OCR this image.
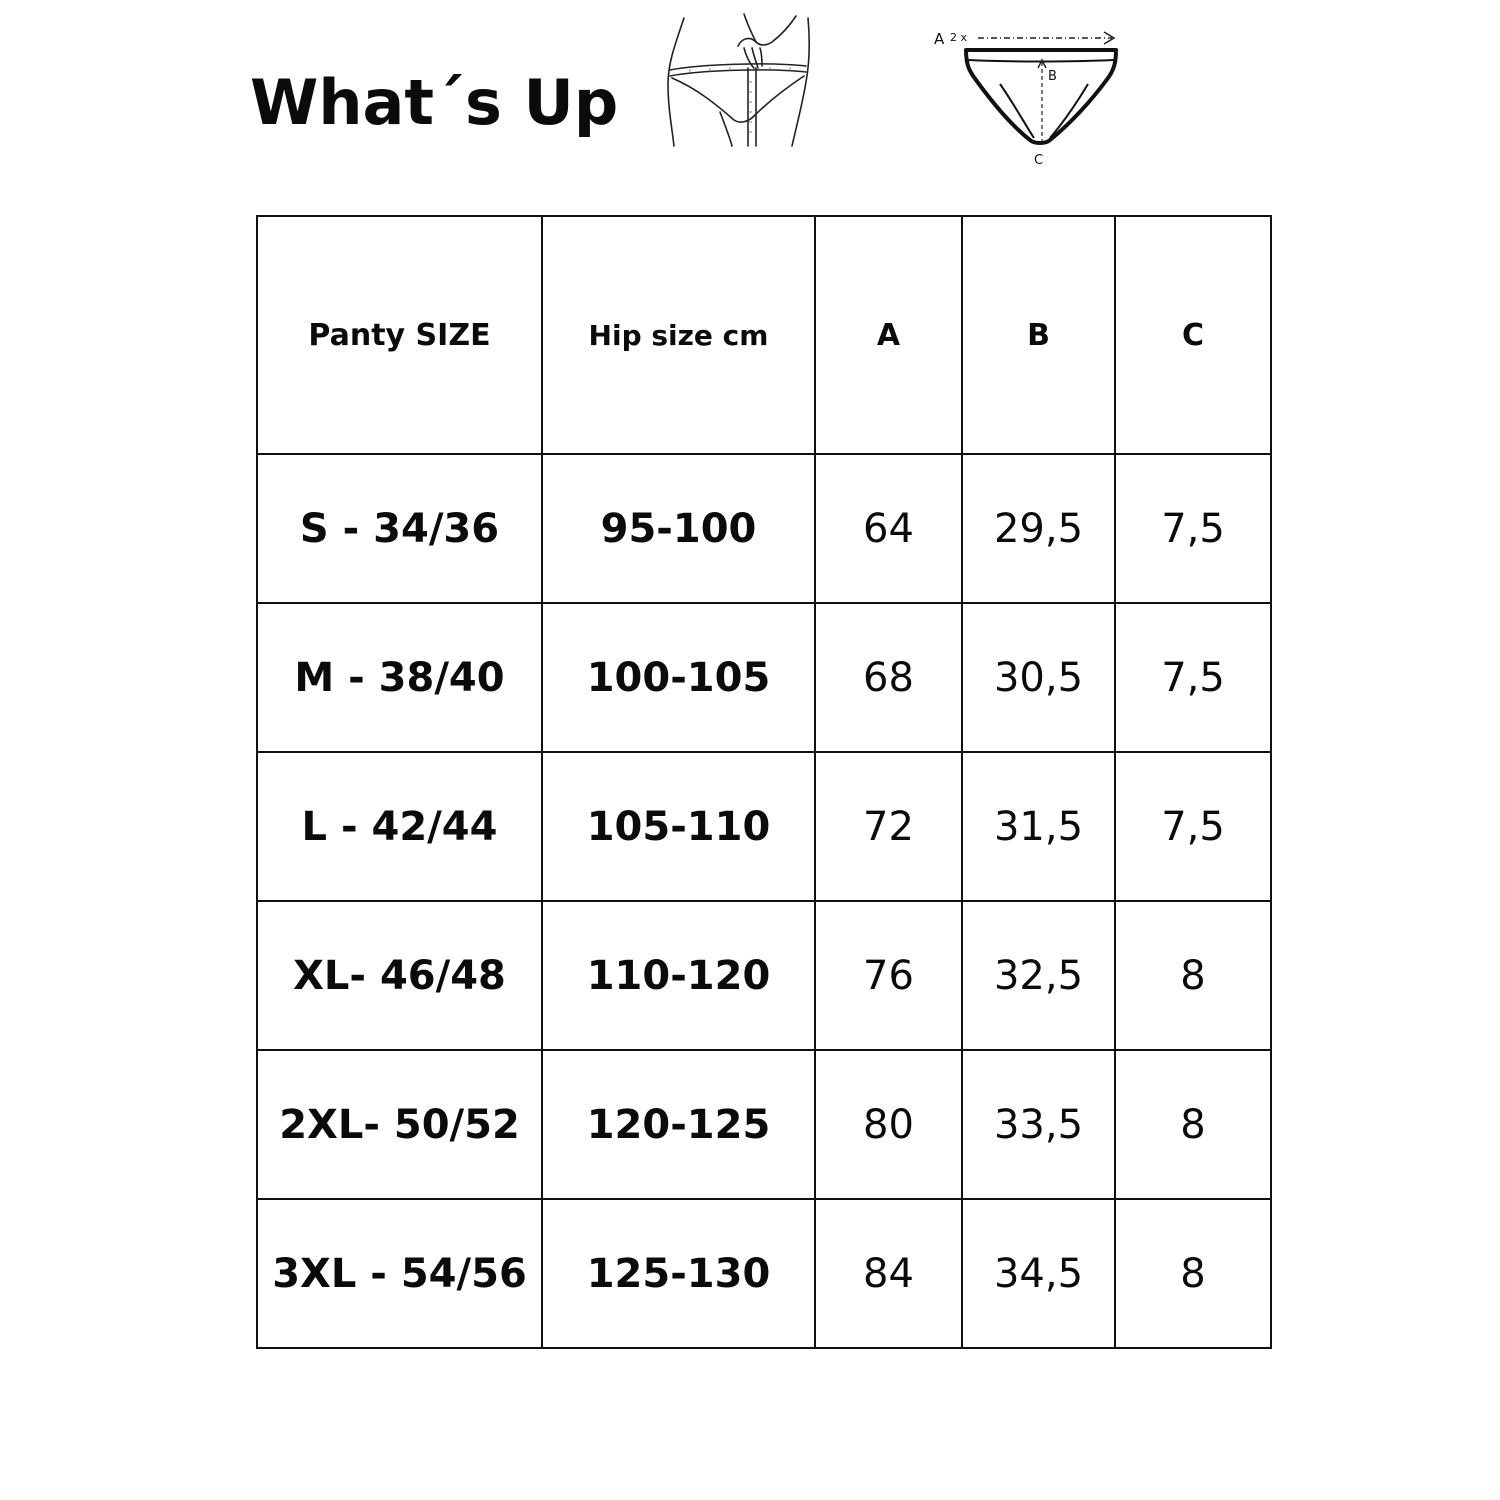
What´s Up
A 2 x
B
C
Panty SIZE	Hip size cm	A	B	C
S - 34/36	95-100	64	29,5	7,5
M - 38/40	100-105	68	30,5	7,5
L - 42/44	105-110	72	31,5	7,5
XL- 46/48	110-120	76	32,5	8
2XL- 50/52	120-125	80	33,5	8
3XL - 54/56	125-130	84	34,5	8
